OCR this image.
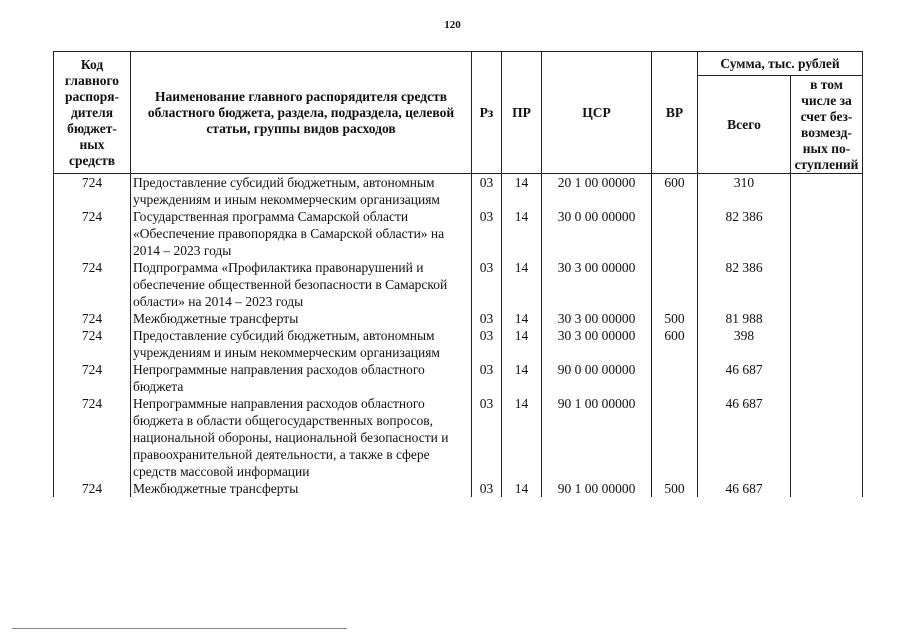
120
Код главного распоря-дителя бюджет-ных средств	Наименование главного распорядителя средств областного бюджета, раздела, подраздела, целевой статьи, группы видов расходов	Рз	ПР	ЦСР	ВР	Сумма, тыс. рублей	
						Всего	в том числе за счет без-возмезд-ных по-ступлений
724	Предоставление субсидий бюджетным, автономным учреждениям и иным некоммерческим организациям	03	14	20 1 00 00000	600	310	
724	Государственная программа Самарской области «Обеспечение правопорядка в Самарской области» на 2014 – 2023 годы	03	14	30 0 00 00000		82 386	
724	Подпрограмма «Профилактика правонарушений и обеспечение общественной безопасности в Самарской области» на 2014 – 2023 годы	03	14	30 3 00 00000		82 386	
724	Межбюджетные трансферты	03	14	30 3 00 00000	500	81 988	
724	Предоставление субсидий бюджетным, автономным учреждениям и иным некоммерческим организациям	03	14	30 3 00 00000	600	398	
724	Непрограммные направления расходов областного бюджета	03	14	90 0 00 00000		46 687	
724	Непрограммные направления расходов областного бюджета в области общегосударственных вопросов, национальной обороны, национальной безопасности и правоохранительной деятельности, а также в сфере средств массовой информации	03	14	90 1 00 00000		46 687	
724	Межбюджетные трансферты	03	14	90 1 00 00000	500	46 687	
